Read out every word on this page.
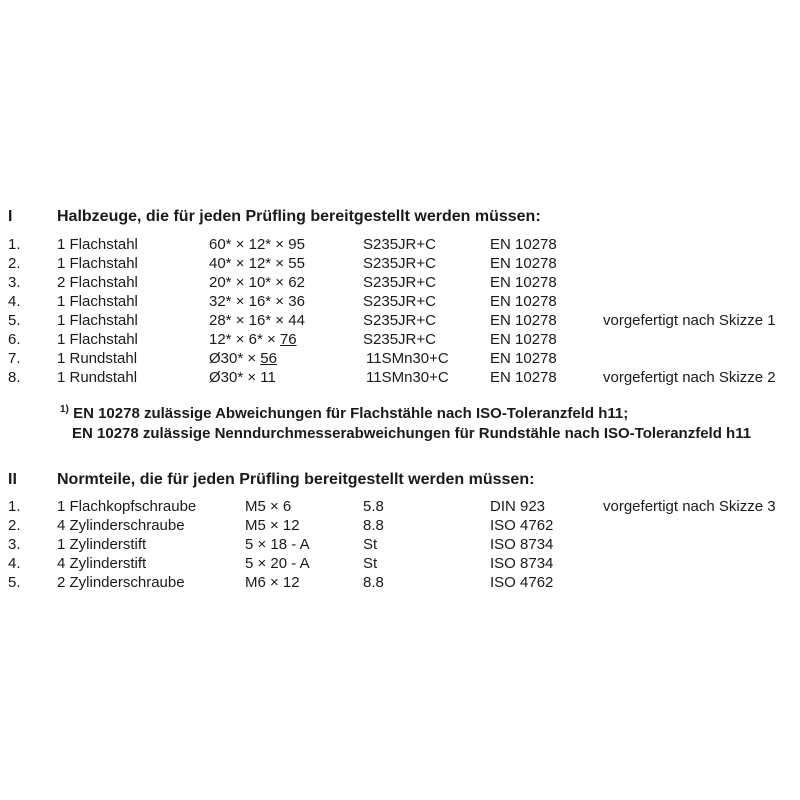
I	Halbzeuge, die für jeden Prüfling bereitgestellt werden müssen:
1. 1 Flachstahl	60* × 12* × 95	S235JR+C	EN 10278
2. 1 Flachstahl	40* × 12* × 55	S235JR+C	EN 10278
3. 2 Flachstahl	20* × 10* × 62	S235JR+C	EN 10278
4. 1 Flachstahl	32* × 16* × 36	S235JR+C	EN 10278
5. 1 Flachstahl	28* × 16* × 44	S235JR+C	EN 10278	vorgefertigt nach Skizze 1
6. 1 Flachstahl	12* × 6* × 76	S235JR+C	EN 10278
7. 1 Rundstahl	Ø30* × 56	11SMn30+C	EN 10278
8. 1 Rundstahl	Ø30* × 11	11SMn30+C	EN 10278	vorgefertigt nach Skizze 2
$^{1)}$ EN 10278 zulässige Abweichungen für Flachstähle nach ISO-Toleranzfeld h11;
EN 10278 zulässige Nenndurchmesserabweichungen für Rundstähle nach ISO-Toleranzfeld h11
II	Normteile, die für jeden Prüfling bereitgestellt werden müssen:
1. 1 Flachkopfschraube	M5 × 6	5.8	DIN 923	vorgefertigt nach Skizze 3
2. 4 Zylinderschraube	M5 × 12	8.8	ISO 4762
3. 1 Zylinderstift	5 × 18 - A	St	ISO 8734
4. 4 Zylinderstift	5 × 20 - A	St	ISO 8734
5. 2 Zylinderschraube	M6 × 12	8.8	ISO 4762
